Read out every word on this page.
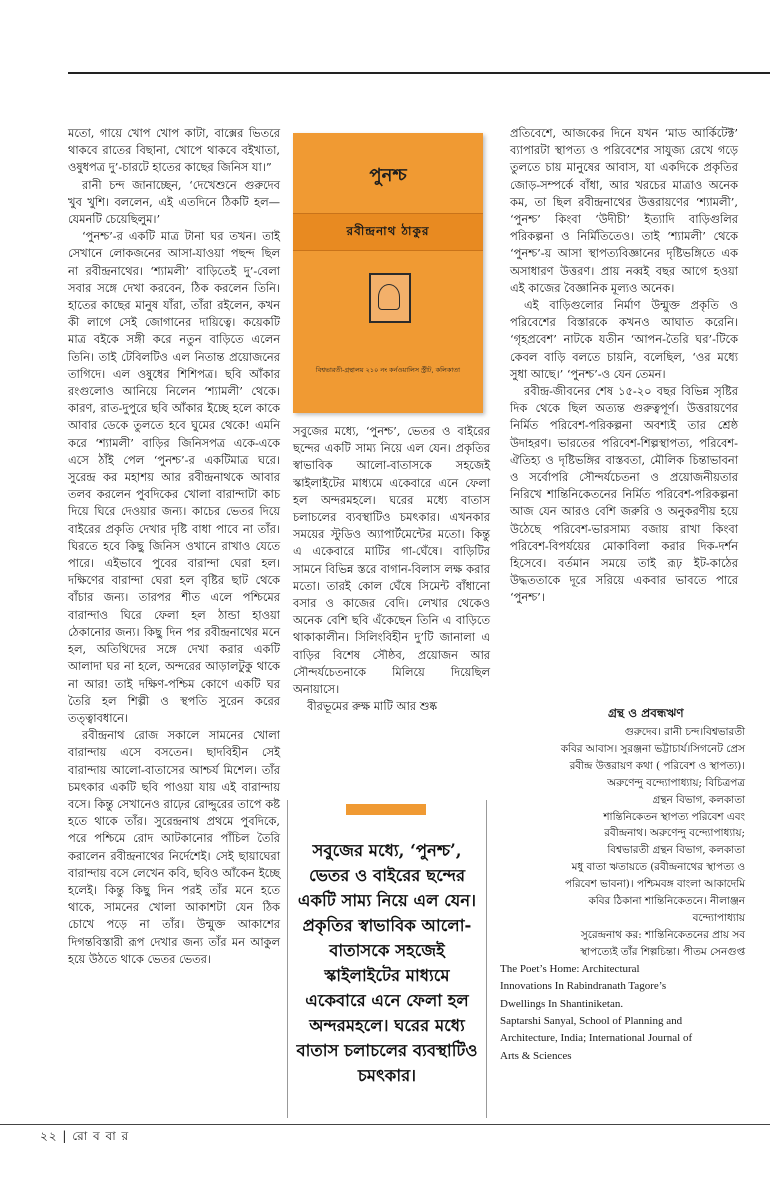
মতো, গায়ে খোপ খোপ কাটা, বাক্সের ভিতরে থাকবে রাতের বিছানা, খোপে থাকবে বইখাতা, ওষুধপত্র দু’-চারটে হাতের কাছের জিনিস যা।”

রানী চন্দ জানাচ্ছেন, ‘দেখেশুনে গুরুদেব খুব খুশি। বললেন, এই এতদিনে ঠিকটি হল— যেমনটি চেয়েছিলুম।’

‘পুনশ্চ’-র একটি মাত্র টানা ঘর তখন। তাই সেখানে লোকজনের আসা-যাওয়া পছন্দ ছিল না রবীন্দ্রনাথের। ‘শ্যামলী’ বাড়িতেই দু’-বেলা সবার সঙ্গে দেখা করবেন, ঠিক করলেন তিনি। হাতের কাছের মানুষ যাঁরা, তাঁরা রইলেন, কখন কী লাগে সেই জোগানের দায়িত্বে। কয়েকটি মাত্র বইকে সঙ্গী করে নতুন বাড়িতে এলেন তিনি। তাই টেবিলটিও এল নিতান্ত প্রয়োজনের তাগিদে। এল ওষুধের শিশিপত্র। ছবি আঁকার রংগুলোও আনিয়ে নিলেন ‘শ্যামলী’ থেকে। কারণ, রাত-দুপুরে ছবি আঁকার ইচ্ছে হলে কাকে আবার ডেকে তুলতে হবে ঘুমের থেকে! এমনি করে ‘শ্যামলী’ বাড়ির জিনিসপত্র একে-একে এসে ঠাঁই পেল ‘পুনশ্চ’-র একটিমাত্র ঘরে। সুরেন্দ্র কর মহাশয় আর রবীন্দ্রনাথকে আবার তলব করলেন পুবদিকের খোলা বারান্দাটা কাচ দিয়ে ঘিরে দেওয়ার জন্য। কাচের ভেতর দিয়ে বাইরের প্রকৃতি দেখার দৃষ্টি বাধা পাবে না তাঁর। ঘিরতে হবে কিছু জিনিস ওখানে রাখাও যেতে পারে। এইভাবে পুবের বারান্দা ঘেরা হল। দক্ষিণের বারান্দা ঘেরা হল বৃষ্টির ছাট থেকে বাঁচার জন্য। তারপর শীত এলে পশ্চিমের বারান্দাও ঘিরে ফেলা হল ঠান্ডা হাওয়া ঠেকানোর জন্য। কিছু দিন পর রবীন্দ্রনাথের মনে হল, অতিথিদের সঙ্গে দেখা করার একটি আলাদা ঘর না হলে, অন্দরের আড়ালটুকু থাকে না আর! তাই দক্ষিণ-পশ্চিম কোণে একটি ঘর তৈরি হল শিল্পী ও স্থপতি সুরেন করের তত্ত্বাবধানে।

রবীন্দ্রনাথ রোজ সকালে সামনের খোলা বারান্দায় এসে বসতেন। ছাদবিহীন সেই বারান্দায় আলো-বাতাসের আশ্চর্য মিশেল। তাঁর চমৎকার একটি ছবি পাওয়া যায় এই বারান্দায় বসে। কিন্তু সেখানেও রাঢ়ের রোদ্দুরের তাপে কষ্ট হতে থাকে তাঁর। সুরেন্দ্রনাথ প্রথমে পুবদিকে, পরে পশ্চিমে রোদ আটকানোর পাঁচিল তৈরি করালেন রবীন্দ্রনাথের নির্দেশেই। সেই ছায়াঘেরা বারান্দায় বসে লেখেন কবি, ছবিও আঁকেন ইচ্ছে হলেই। কিন্তু কিছু দিন পরই তাঁর মনে হতে থাকে, সামনের খোলা আকাশটা যেন ঠিক চোখে পড়ে না তাঁর। উন্মুক্ত আকাশের দিগন্তবিস্তারী রূপ দেখার জন্য তাঁর মন আকুল হয়ে উঠতে থাকে ভেতর ভেতর।

পুনশ্চ
রবীন্দ্রনাথ ঠাকুর
বিশ্বভারতী-গ্রন্থালয় ২১০ নং কর্নওয়ালিস স্ট্রীট, কলিকাতা

সবুজের মধ্যে, ‘পুনশ্চ’, ভেতর ও বাইরের ছন্দের একটি সাম্য নিয়ে এল যেন। প্রকৃতির স্বাভাবিক আলো-বাতাসকে সহজেই স্কাইলাইটের মাধ্যমে একেবারে এনে ফেলা হল অন্দরমহলে। ঘরের মধ্যে বাতাস চলাচলের ব্যবস্থাটিও চমৎকার। এখনকার সময়ের স্টুডিও অ্যাপার্টমেন্টের মতো। কিন্তু এ একেবারে মাটির গা-ঘেঁষে। বাড়িটির সামনে বিভিন্ন স্তরে বাগান-বিলাস লক্ষ করার মতো। তারই কোল ঘেঁষে সিমেন্ট বাঁধানো বসার ও কাজের বেদি। লেখার থেকেও অনেক বেশি ছবি এঁকেছেন তিনি এ বাড়িতে থাকাকালীন। সিলিংবিহীন দু’টি জানালা এ বাড়ির বিশেষ সৌষ্ঠব, প্রয়োজন আর সৌন্দর্যচেতনাকে মিলিয়ে দিয়েছিল অনায়াসে।

বীরভূমের রুক্ষ মাটি আর শুষ্ক

সবুজের মধ্যে, ‘পুনশ্চ’, ভেতর ও বাইরের ছন্দের একটি সাম্য নিয়ে এল যেন। প্রকৃতির স্বাভাবিক আলো-বাতাসকে সহজেই স্কাইলাইটের মাধ্যমে একেবারে এনে ফেলা হল অন্দরমহলে। ঘরের মধ্যে বাতাস চলাচলের ব্যবস্থাটিও চমৎকার।

প্রতিবেশে, আজকের দিনে যখন ‘মাড আর্কিটেক্ট’ ব্যাপারটা স্থাপত্য ও পরিবেশের সাযুজ্য রেখে গড়ে তুলতে চায় মানুষের আবাস, যা একদিকে প্রকৃতির জোড়-সম্পর্কে বাঁধা, আর খরচের মাত্রাও অনেক কম, তা ছিল রবীন্দ্রনাথের উত্তরায়ণের ‘শ্যামলী’, ‘পুনশ্চ’ কিংবা ‘উদীচী’ ইত্যাদি বাড়িগুলির পরিকল্পনা ও নির্মিতিতেও। তাই ‘শ্যামলী’ থেকে ‘পুনশ্চ’-য় আসা স্থাপত্যবিজ্ঞানের দৃষ্টিভঙ্গিতে এক অসাধারণ উত্তরণ। প্রায় নব্বই বছর আগে হওয়া এই কাজের বৈজ্ঞানিক মূল্যও অনেক।

এই বাড়িগুলোর নির্মাণ উন্মুক্ত প্রকৃতি ও পরিবেশের বিস্তারকে কখনও আঘাত করেনি। ‘গৃহপ্রবেশ’ নাটকে যতীন ‘আপন-তৈরি ঘর’-টিকে কেবল বাড়ি বলতে চায়নি, বলেছিল, ‘ওর মধ্যে সুধা আছে।’ ‘পুনশ্চ’-ও যেন তেমন।

রবীন্দ্র-জীবনের শেষ ১৫-২০ বছর বিভিন্ন সৃষ্টির দিক থেকে ছিল অত্যন্ত গুরুত্বপূর্ণ। উত্তরায়ণের নির্মিত পরিবেশ-পরিকল্পনা অবশ্যই তার শ্রেষ্ঠ উদাহরণ। ভারতের পরিবেশ-শিল্পস্থাপত্য, পরিবেশ-ঐতিহ্য ও দৃষ্টিভঙ্গির বাস্তবতা, মৌলিক চিন্তাভাবনা ও সর্বোপরি সৌন্দর্যচেতনা ও প্রয়োজনীয়তার নিরিখে শান্তিনিকেতনের নির্মিত পরিবেশ-পরিকল্পনা আজ যেন আরও বেশি জরুরি ও অনুকরণীয় হয়ে উঠেছে পরিবেশ-ভারসাম্য বজায় রাখা কিংবা পরিবেশ-বিপর্যয়ের মোকাবিলা করার দিক-দর্শন হিসেবে। বর্তমান সময়ে তাই রূঢ় ইট-কাঠের উদ্ধততাকে দূরে সরিয়ে একবার ভাবতে পারে ‘পুনশ্চ’।

গ্রন্থ ও প্রবন্ধঋণ

গুরুদেব। রানী চন্দ।বিশ্বভারতী

কবির আবাস। সুরঞ্জনা ভট্টাচার্য।সিগনেট প্রেস

রবীন্দ্র উত্তরায়ণ কথা ( পরিবেশ ও স্থাপত্য)।

অরুণেন্দু বন্দ্যোপাধ্যায়; বিচিত্রপত্র

গ্রন্থন বিভাগ, কলকাতা

শান্তিনিকেতন স্থাপত্য পরিবেশ এবং

রবীন্দ্রনাথ। অরুণেন্দু বন্দ্যোপাধ্যায়;

বিশ্বভারতী গ্রন্থন বিভাগ, কলকাতা

মধু বাতা ঋতায়তে (রবীন্দ্রনাথের স্থাপত্য ও

পরিবেশ ভাবনা)। পশ্চিমবঙ্গ বাংলা আকাদেমি

কবির ঠিকানা শান্তিনিকেতনে। নীলাঞ্জন

বন্দ্যোপাধ্যায়

সুরেন্দ্রনাথ কর: শান্তিনিকেতনের প্রায় সব

স্থাপত্যেই তাঁর শিল্পচিন্তা। পীতম সেনগুপ্ত

The Poet’s Home: Architectural

Innovations In Rabindranath Tagore’s

Dwellings In Shantiniketan.

Saptarshi Sanyal, School of Planning and

Architecture, India; International Journal of

Arts & Sciences

২২ | রো ব বা র
